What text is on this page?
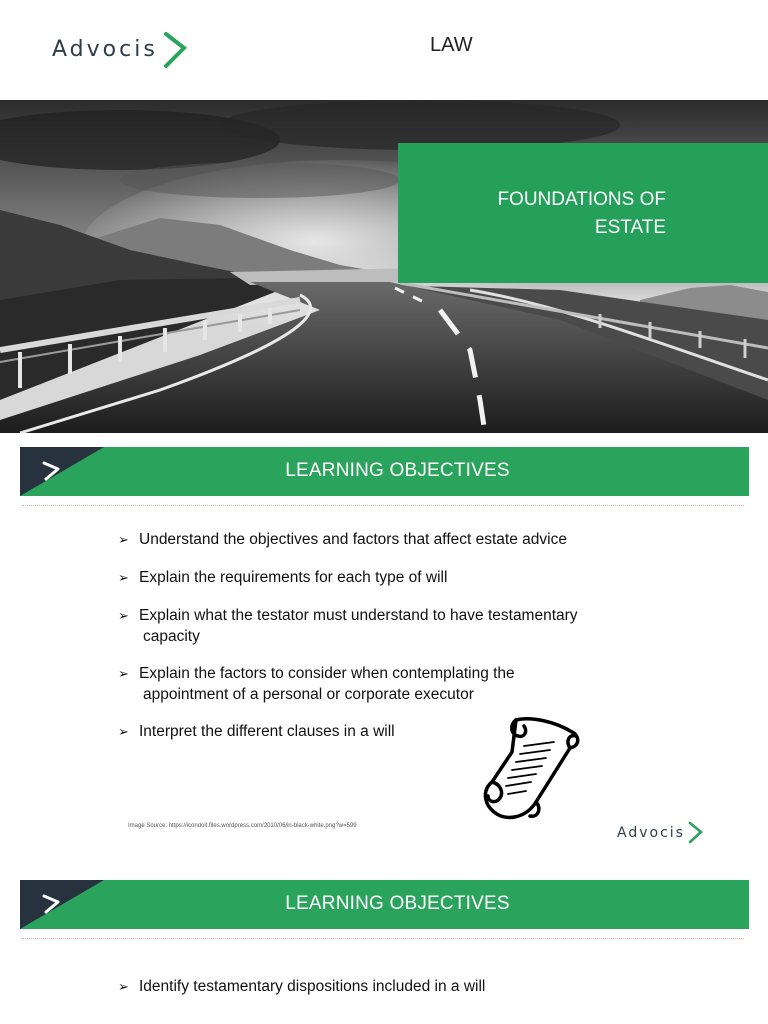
Advocis	LAW
FOUNDATIONS OF
ESTATE
LEARNING OBJECTIVES
➢ Understand the objectives and factors that affect estate advice
➢ Explain the requirements for each type of will
➢ Explain what the testator must understand to have testamentary
capacity
➢ Explain the factors to consider when contemplating the
appointment of a personal or corporate executor
➢ Interpret the different clauses in a will
Image Source: https://icondoit.files.wordpress.com/2010/06/in-black-white.png?w=599	Advocis
LEARNING OBJECTIVES
➢ Identify testamentary dispositions included in a will
